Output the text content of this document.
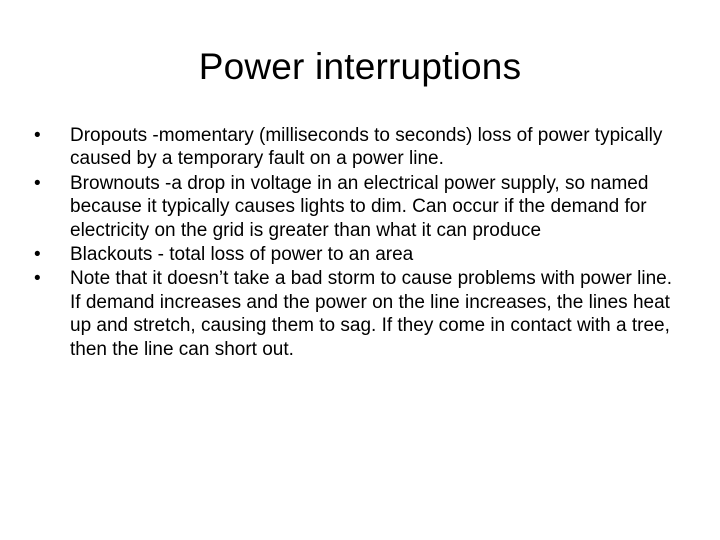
Power interruptions
•	Dropouts -momentary (milliseconds to seconds) loss of power typically caused by a temporary fault on a power line.
•	Brownouts -a drop in voltage in an electrical power supply, so named because it typically causes lights to dim. Can occur if the demand for electricity on the grid is greater than what it can produce
•	Blackouts - total loss of power to an area
•	Note that it doesn’t take a bad storm to cause problems with power line. If demand increases and the power on the line increases, the lines heat up and stretch, causing them to sag. If they come in contact with a tree, then the line can short out.
